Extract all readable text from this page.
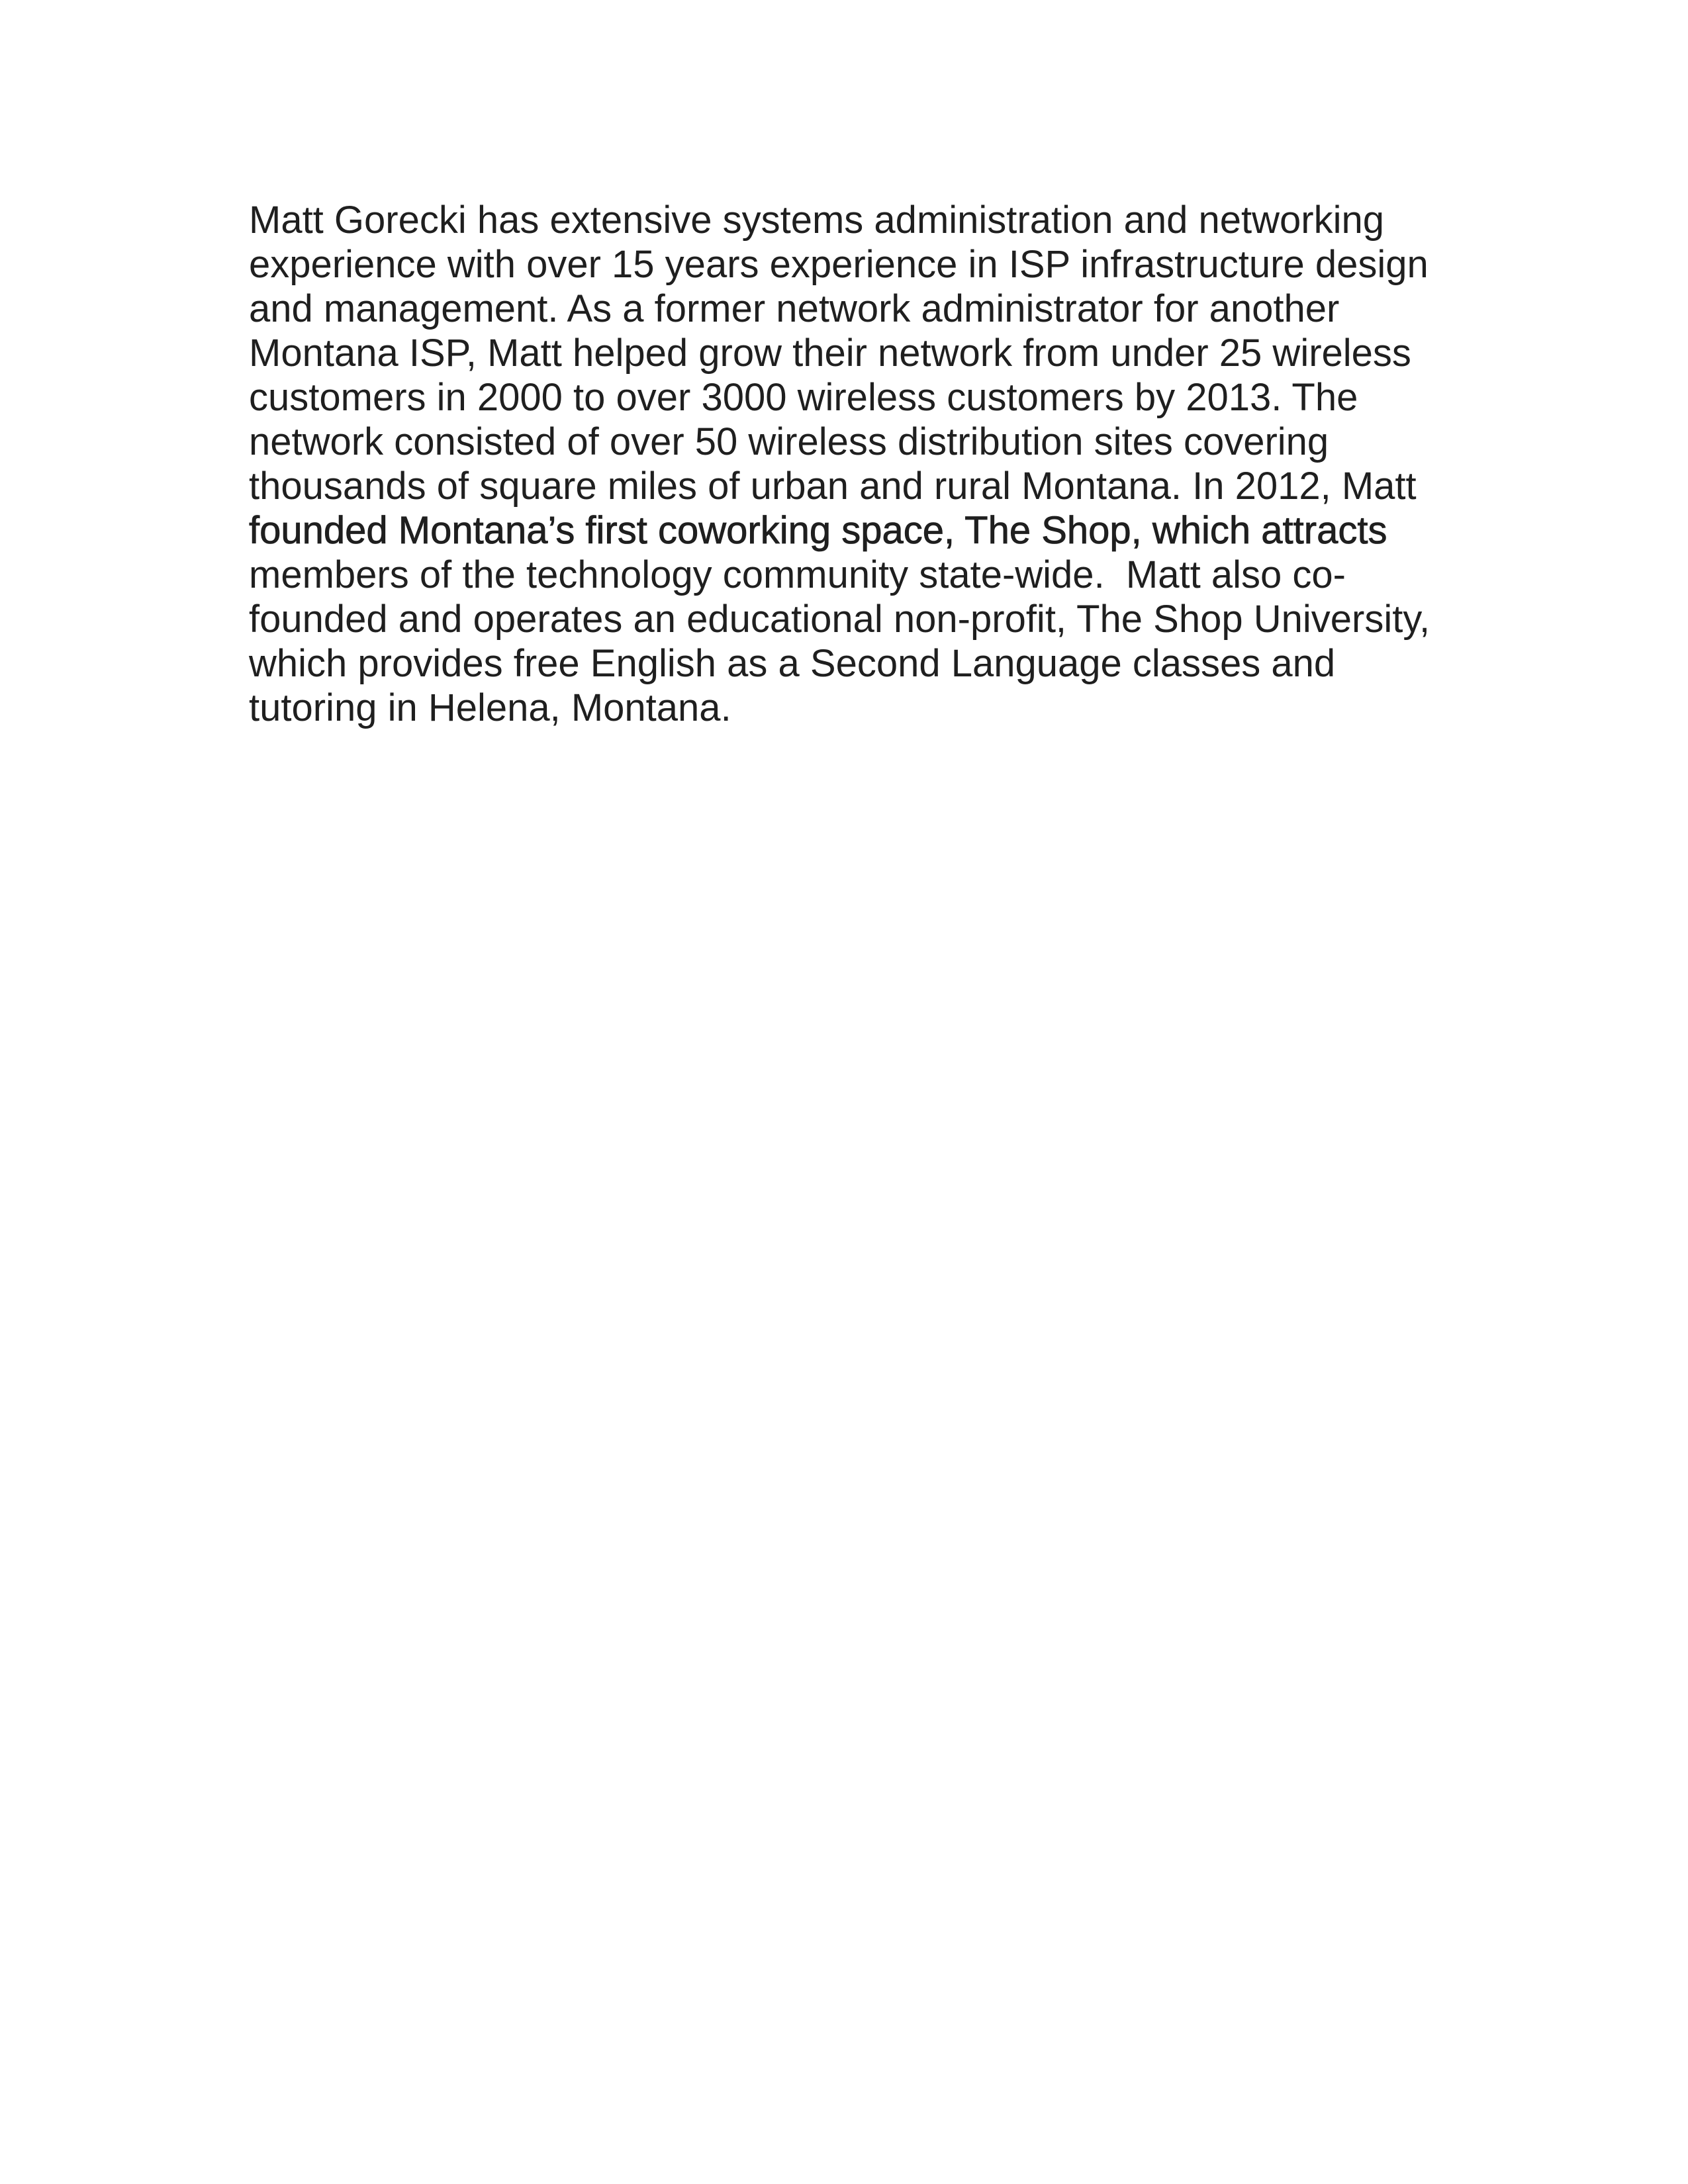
Matt Gorecki has extensive systems administration and networking
experience with over 15 years experience in ISP infrastructure design
and management. As a former network administrator for another
Montana ISP, Matt helped grow their network from under 25 wireless
customers in 2000 to over 3000 wireless customers by 2013. The
network consisted of over 50 wireless distribution sites covering
thousands of square miles of urban and rural Montana. In 2012, Matt
founded Montana’s first coworking space, The Shop, which attracts
members of the technology community state-wide.  Matt also co-
founded and operates an educational non-profit, The Shop University,
which provides free English as a Second Language classes and
tutoring in Helena, Montana.
